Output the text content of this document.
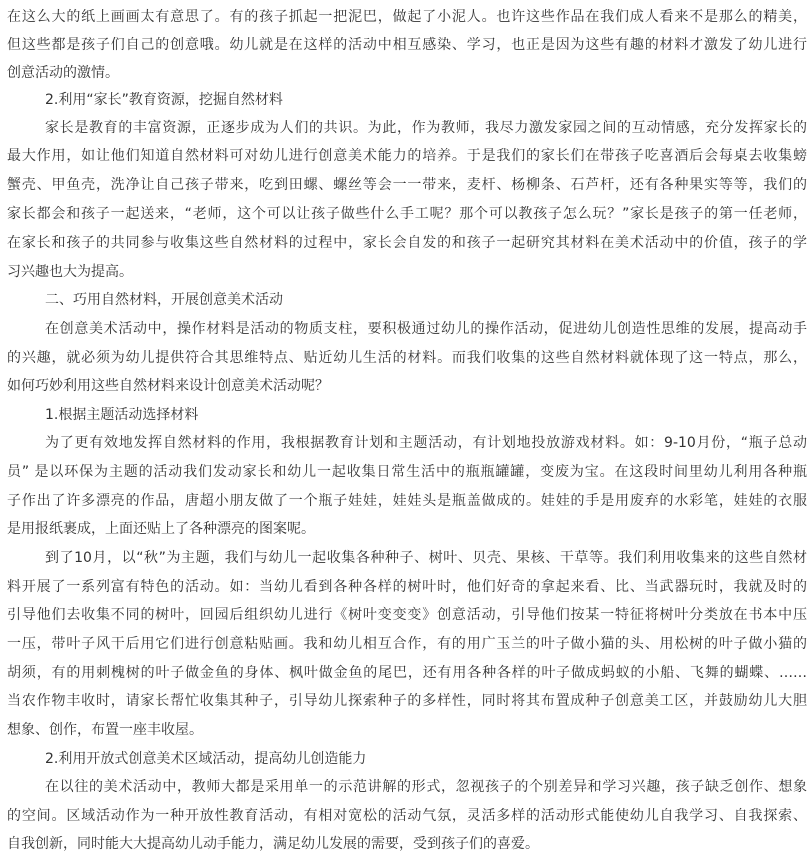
在这么大的纸上画画太有意思了。有的孩子抓起一把泥巴，做起了小泥人。也许这些作品在我们成人看来不是那么的精美，
但这些都是孩子们自己的创意哦。幼儿就是在这样的活动中相互感染、学习，也正是因为这些有趣的材料才激发了幼儿进行
创意活动的激情。
2.利用“家长”教育资源，挖掘自然材料
家长是教育的丰富资源，正逐步成为人们的共识。为此，作为教师，我尽力激发家园之间的互动情感，充分发挥家长的
最大作用，如让他们知道自然材料可对幼儿进行创意美术能力的培养。于是我们的家长们在带孩子吃喜酒后会每桌去收集螃
蟹壳、甲鱼壳，洗净让自己孩子带来，吃到田螺、螺丝等会一一带来，麦杆、杨柳条、石芦杆，还有各种果实等等，我们的
家长都会和孩子一起送来，“老师，这个可以让孩子做些什么手工呢？那个可以教孩子怎么玩？”家长是孩子的第一任老师，
在家长和孩子的共同参与收集这些自然材料的过程中，家长会自发的和孩子一起研究其材料在美术活动中的价值，孩子的学
习兴趣也大为提高。
二、巧用自然材料，开展创意美术活动
在创意美术活动中，操作材料是活动的物质支柱，要积极通过幼儿的操作活动，促进幼儿创造性思维的发展，提高动手
的兴趣，就必须为幼儿提供符合其思维特点、贴近幼儿生活的材料。而我们收集的这些自然材料就体现了这一特点，那么，
如何巧妙利用这些自然材料来设计创意美术活动呢？
1.根据主题活动选择材料
为了更有效地发挥自然材料的作用，我根据教育计划和主题活动，有计划地投放游戏材料。如：9-10月份，“瓶子总动
员” 是以环保为主题的活动我们发动家长和幼儿一起收集日常生活中的瓶瓶罐罐，变废为宝。在这段时间里幼儿利用各种瓶
子作出了许多漂亮的作品，唐超小朋友做了一个瓶子娃娃，娃娃头是瓶盖做成的。娃娃的手是用废弃的水彩笔，娃娃的衣服
是用报纸裹成，上面还贴上了各种漂亮的图案呢。
到了10月，以“秋”为主题，我们与幼儿一起收集各种种子、树叶、贝壳、果核、干草等。我们利用收集来的这些自然材
料开展了一系列富有特色的活动。如：当幼儿看到各种各样的树叶时，他们好奇的拿起来看、比、当武器玩时，我就及时的
引导他们去收集不同的树叶，回园后组织幼儿进行《树叶变变变》创意活动，引导他们按某一特征将树叶分类放在书本中压
一压，带叶子风干后用它们进行创意粘贴画。我和幼儿相互合作，有的用广玉兰的叶子做小猫的头、用松树的叶子做小猫的
胡须，有的用刺槐树的叶子做金鱼的身体、枫叶做金鱼的尾巴，还有用各种各样的叶子做成蚂蚁的小船、飞舞的蝴蝶、……
当农作物丰收时，请家长帮忙收集其种子，引导幼儿探索种子的多样性，同时将其布置成种子创意美工区，并鼓励幼儿大胆
想象、创作，布置一座丰收屋。
2.利用开放式创意美术区域活动，提高幼儿创造能力
在以往的美术活动中，教师大都是采用单一的示范讲解的形式，忽视孩子的个别差异和学习兴趣，孩子缺乏创作、想象
的空间。区域活动作为一种开放性教育活动，有相对宽松的活动气氛，灵活多样的活动形式能使幼儿自我学习、自我探索、
自我创新，同时能大大提高幼儿动手能力，满足幼儿发展的需要，受到孩子们的喜爱。
